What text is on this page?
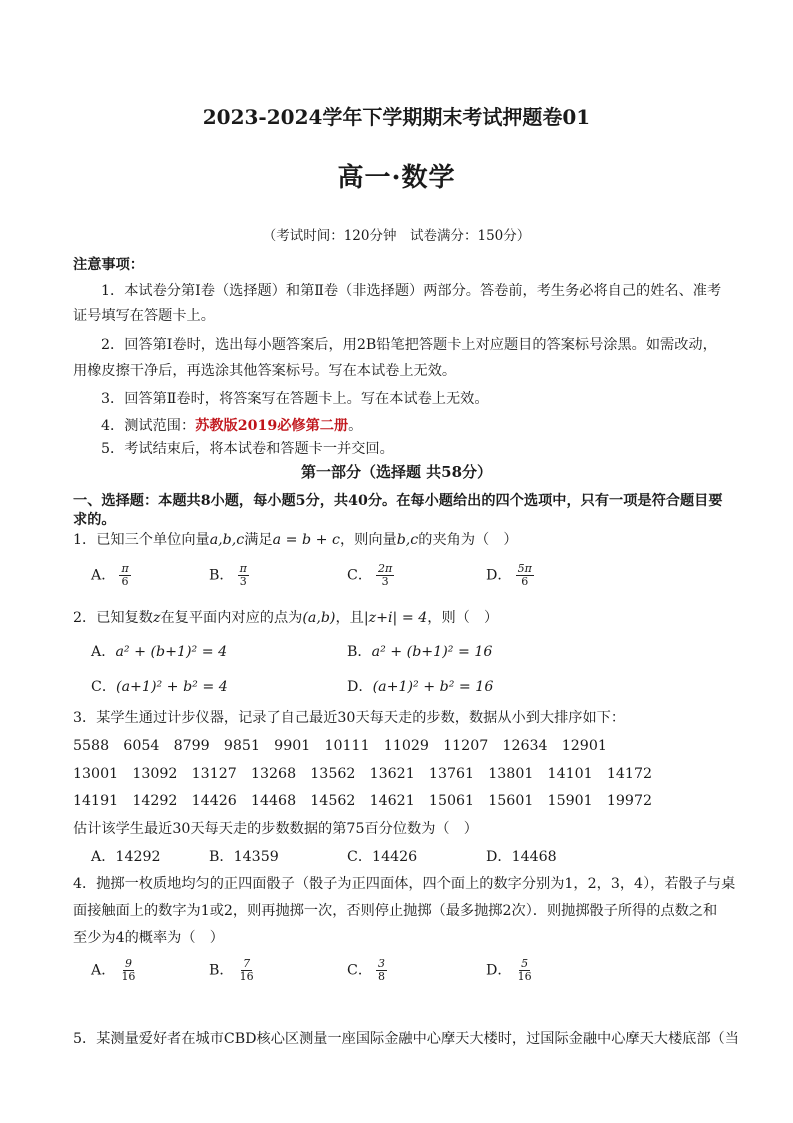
2023-2024学年下学期期末考试押题卷01
高一·数学
（考试时间：120分钟　试卷满分：150分）
注意事项：
1．本试卷分第Ⅰ卷（选择题）和第Ⅱ卷（非选择题）两部分。答卷前，考生务必将自己的姓名、准考
证号填写在答题卡上。
2．回答第Ⅰ卷时，选出每小题答案后，用2B铅笔把答题卡上对应题目的答案标号涂黑。如需改动，
用橡皮擦干净后，再选涂其他答案标号。写在本试卷上无效。
3．回答第Ⅱ卷时，将答案写在答题卡上。写在本试卷上无效。
4．测试范围：苏教版2019必修第二册。
5．考试结束后，将本试卷和答题卡一并交回。
第一部分（选择题 共58分）
一、选择题：本题共8小题，每小题5分，共40分。在每小题给出的四个选项中，只有一项是符合题目要
求的。
1．已知三个单位向量a,b,c满足a = b + c，则向量b,c的夹角为（　）
A． $\frac{\pi}{6}$	B． $\frac{\pi}{3}$	C． $\frac{2\pi}{3}$	D． $\frac{5\pi}{6}$
2．已知复数z在复平面内对应的点为(a,b)，且|z+i| = 4，则（　）
A．a² + (b+1)² = 4	B．a² + (b+1)² = 16
C．(a+1)² + b² = 4	D．(a+1)² + b² = 16
3．某学生通过计步仪器，记录了自己最近30天每天走的步数，数据从小到大排序如下：
5588　6054　8799　9851　9901　10111　11029　11207　12634　12901
13001　13092　13127　13268　13562　13621　13761　13801　14101　14172
14191　14292　14426　14468　14562　14621　15061　15601　15901　19972
估计该学生最近30天每天走的步数数据的第75百分位数为（　）
A．14292	B．14359	C．14426	D．14468
4．抛掷一枚质地均匀的正四面骰子（骰子为正四面体，四个面上的数字分别为1，2，3，4），若骰子与桌
面接触面上的数字为1或2，则再抛掷一次，否则停止抛掷（最多抛掷2次）．则抛掷骰子所得的点数之和
至少为4的概率为（　）
A． $\frac{9}{16}$	B． $\frac{7}{16}$	C． $\frac{3}{8}$	D． $\frac{5}{16}$
5．某测量爱好者在城市CBD核心区测量一座国际金融中心摩天大楼时，过国际金融中心摩天大楼底部（当
